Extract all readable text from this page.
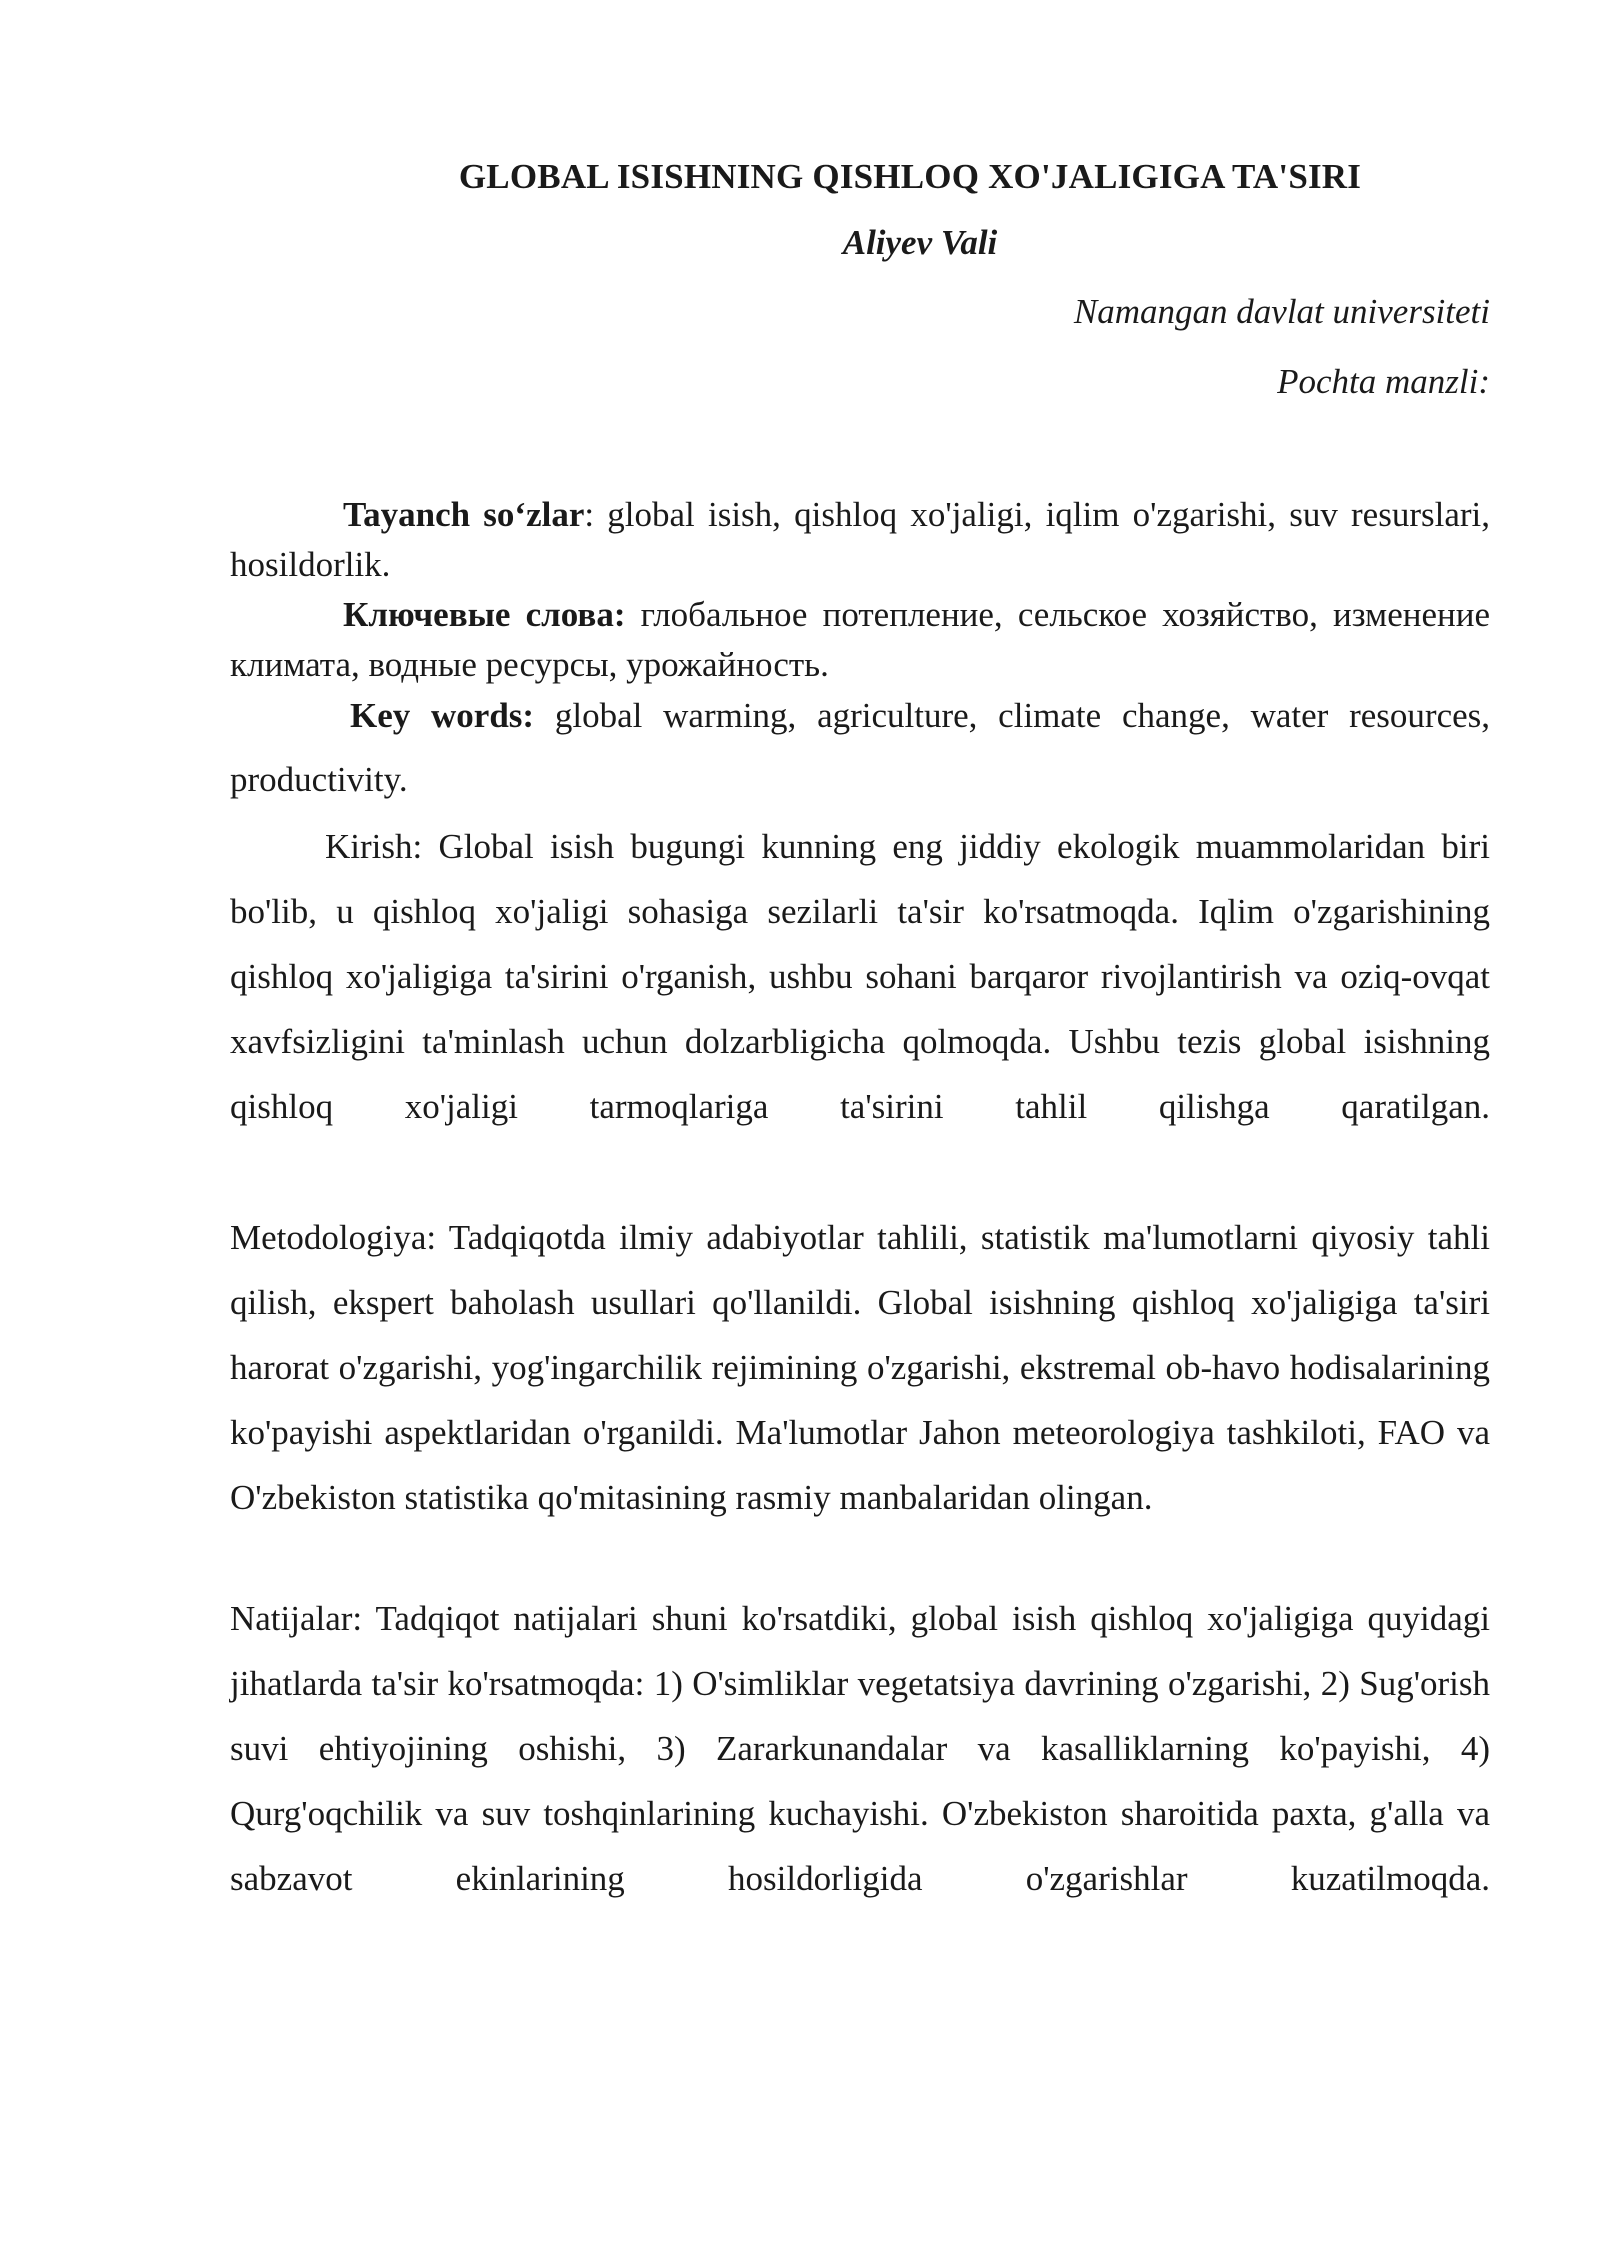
GLOBAL ISISHNING QISHLOQ XO'JALIGIGA TA'SIRI
Aliyev Vali
Namangan davlat universiteti
Pochta manzli:

Tayanch so‘zlar: global isish, qishloq xo'jaligi, iqlim o'zgarishi, suv resurslari, hosildorlik.

Ключевые слова: глобальное потепление, сельское хозяйство, изменение климата, водные ресурсы, урожайность.

Key words: global warming, agriculture, climate change, water resources, productivity.

Kirish: Global isish bugungi kunning eng jiddiy ekologik muammolaridan biri bo'lib, u qishloq xo'jaligi sohasiga sezilarli ta'sir ko'rsatmoqda. Iqlim o'zgarishining qishloq xo'jaligiga ta'sirini o'rganish, ushbu sohani barqaror rivojlantirish va oziq-ovqat xavfsizligini ta'minlash uchun dolzarbligicha qolmoqda. Ushbu tezis global isishning qishloq xo'jaligi tarmoqlariga ta'sirini tahlil qilishga qaratilgan.

Metodologiya: Tadqiqotda ilmiy adabiyotlar tahlili, statistik ma'lumotlarni qiyosiy tahli qilish, ekspert baholash usullari qo'llanildi. Global isishning qishloq xo'jaligiga ta'siri harorat o'zgarishi, yog'ingarchilik rejimining o'zgarishi, ekstremal ob-havo hodisalarining ko'payishi aspektlaridan o'rganildi. Ma'lumotlar Jahon meteorologiya tashkiloti, FAO va O'zbekiston statistika qo'mitasining rasmiy manbalaridan olingan.

Natijalar: Tadqiqot natijalari shuni ko'rsatdiki, global isish qishloq xo'jaligiga quyidagi jihatlarda ta'sir ko'rsatmoqda: 1) O'simliklar vegetatsiya davrining o'zgarishi, 2) Sug'orish suvi ehtiyojining oshishi, 3) Zararkunandalar va kasalliklarning ko'payishi, 4) Qurg'oqchilik va suv toshqinlarining kuchayishi. O'zbekiston sharoitida paxta, g'alla va sabzavot ekinlarining hosildorligida o'zgarishlar kuzatilmoqda.
